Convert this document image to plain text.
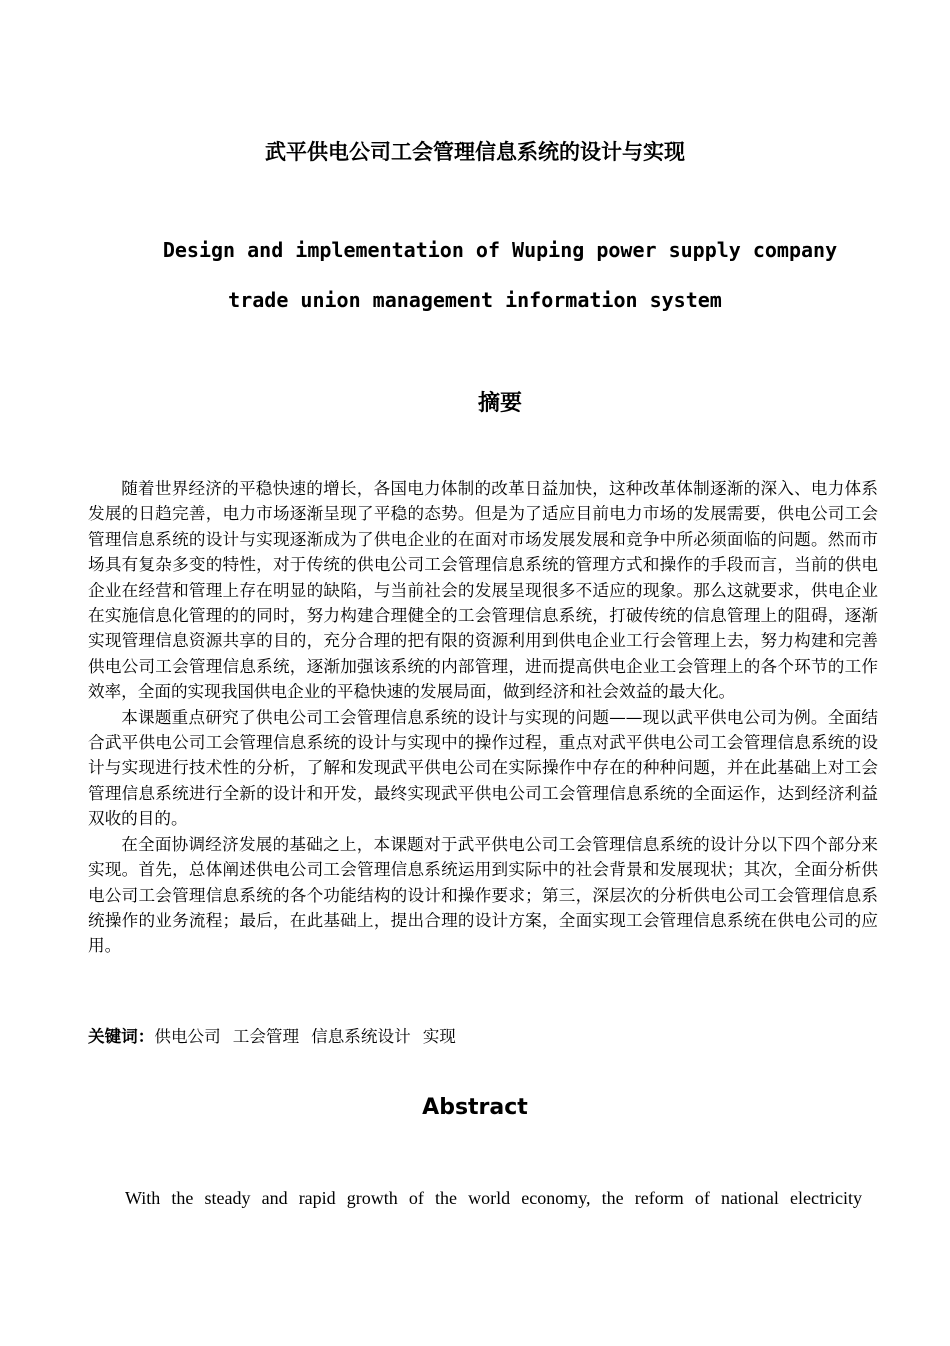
武平供电公司工会管理信息系统的设计与实现
Design and implementation of Wuping power supply company
trade union management information system
摘要

随着世界经济的平稳快速的增长，各国电力体制的改革日益加快，这种改革体制逐渐的深入、电力体系发展的日趋完善，电力市场逐渐呈现了平稳的态势。但是为了适应目前电力市场的发展需要，供电公司工会管理信息系统的设计与实现逐渐成为了供电企业的在面对市场发展发展和竞争中所必须面临的问题。然而市场具有复杂多变的特性，对于传统的供电公司工会管理信息系统的管理方式和操作的手段而言，当前的供电企业在经营和管理上存在明显的缺陷，与当前社会的发展呈现很多不适应的现象。那么这就要求，供电企业在实施信息化管理的的同时，努力构建合理健全的工会管理信息系统，打破传统的信息管理上的阻碍，逐渐实现管理信息资源共享的目的，充分合理的把有限的资源利用到供电企业工行会管理上去，努力构建和完善供电公司工会管理信息系统，逐渐加强该系统的内部管理，进而提高供电企业工会管理上的各个环节的工作效率，全面的实现我国供电企业的平稳快速的发展局面，做到经济和社会效益的最大化。

本课题重点研究了供电公司工会管理信息系统的设计与实现的问题——现以武平供电公司为例。全面结合武平供电公司工会管理信息系统的设计与实现中的操作过程，重点对武平供电公司工会管理信息系统的设计与实现进行技术性的分析，了解和发现武平供电公司在实际操作中存在的种种问题，并在此基础上对工会管理信息系统进行全新的设计和开发，最终实现武平供电公司工会管理信息系统的全面运作，达到经济利益双收的目的。

在全面协调经济发展的基础之上，本课题对于武平供电公司工会管理信息系统的设计分以下四个部分来实现。首先，总体阐述供电公司工会管理信息系统运用到实际中的社会背景和发展现状；其次，全面分析供电公司工会管理信息系统的各个功能结构的设计和操作要求；第三，深层次的分析供电公司工会管理信息系统操作的业务流程；最后，在此基础上，提出合理的设计方案，全面实现工会管理信息系统在供电公司的应用。

关键词：供电公司 工会管理 信息系统设计 实现
Abstract
With the steady and rapid growth of the world economy, the reform of national electricity
